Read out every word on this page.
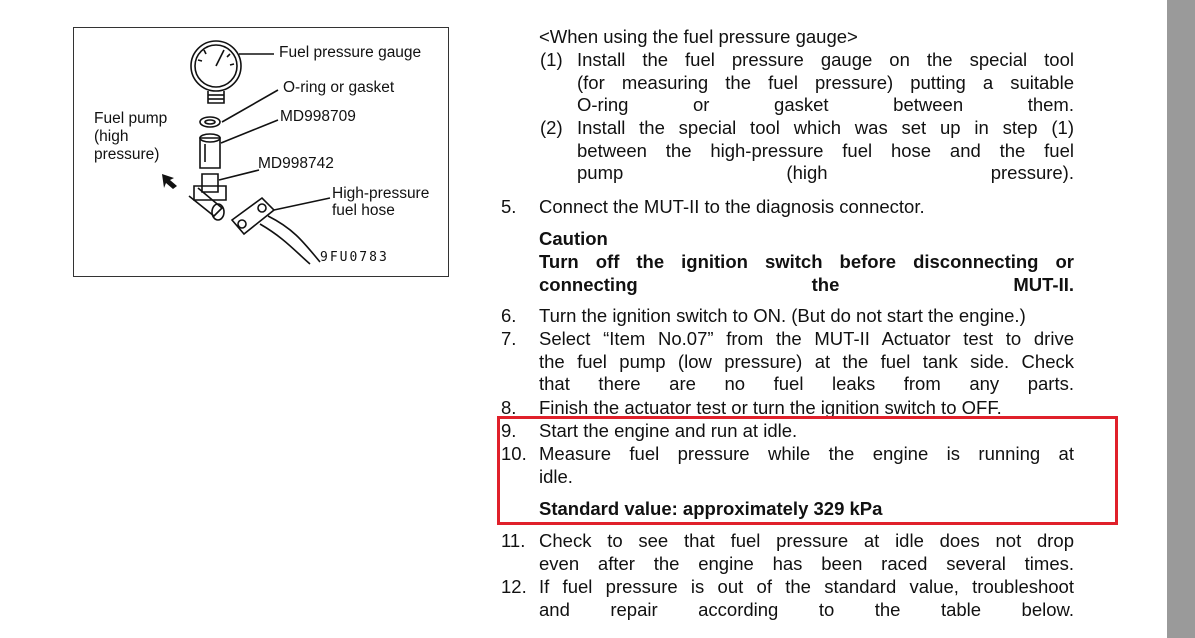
Fuel pressure gauge
O-ring or gasket
MD998709
Fuel pump
(high
pressure)
MD998742
High-pressure
fuel hose
9FU0783
<When using the fuel pressure gauge>
(1) Install the fuel pressure gauge on the special tool
(for measuring the fuel pressure) putting a suitable
O-ring or gasket between them.
(2) Install the special tool which was set up in step (1)
between the high-pressure fuel hose and the fuel
pump (high pressure).
5. Connect the MUT-II to the diagnosis connector.
Caution
Turn off the ignition switch before disconnecting or
connecting the MUT-II.
6. Turn the ignition switch to ON. (But do not start the engine.)
7. Select “Item No.07” from the MUT-II Actuator test to drive
the fuel pump (low pressure) at the fuel tank side. Check
that there are no fuel leaks from any parts.
8. Finish the actuator test or turn the ignition switch to OFF.
9. Start the engine and run at idle.
10. Measure fuel pressure while the engine is running at
idle.
Standard value: approximately 329 kPa
11. Check to see that fuel pressure at idle does not drop
even after the engine has been raced several times.
12. If fuel pressure is out of the standard value, troubleshoot
and repair according to the table below.
